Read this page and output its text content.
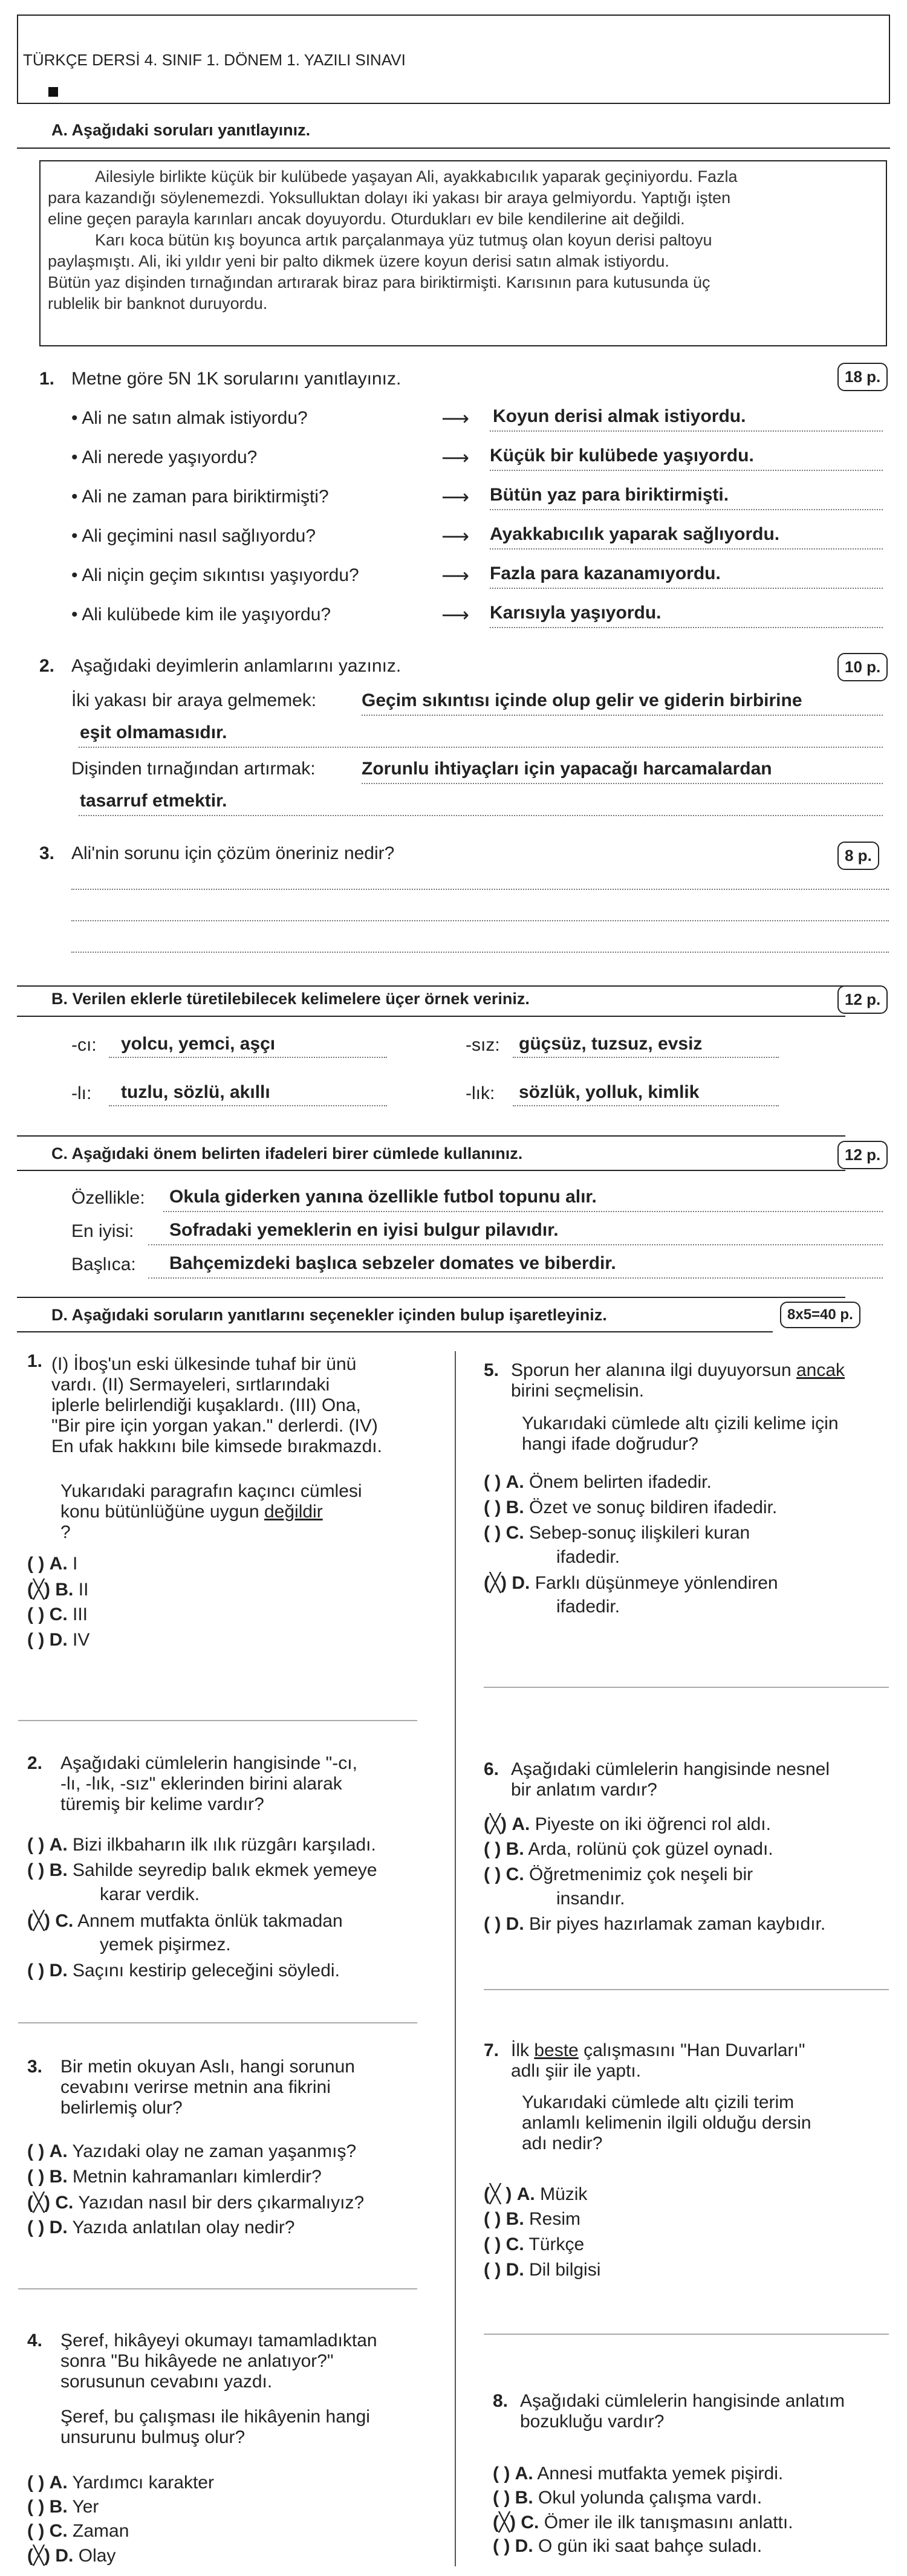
TÜRKÇE DERSİ 4. SINIF 1. DÖNEM 1. YAZILI SINAVI
A. Aşağıdaki soruları yanıtlayınız.
Ailesiyle birlikte küçük bir kulübede yaşayan Ali, ayakkabıcılık yaparak geçiniyordu. Fazla
para kazandığı söylenemezdi. Yoksulluktan dolayı iki yakası bir araya gelmiyordu. Yaptığı işten
eline geçen parayla karınları ancak doyuyordu. Oturdukları ev bile kendilerine ait değildi.
Karı koca bütün kış boyunca artık parçalanmaya yüz tutmuş olan koyun derisi paltoyu
paylaşmıştı. Ali, iki yıldır yeni bir palto dikmek üzere koyun derisi satın almak istiyordu.
Bütün yaz dişinden tırnağından artırarak biraz para biriktirmişti. Karısının para kutusunda üç
rublelik bir banknot duruyordu.
1. Metne göre 5N 1K sorularını yanıtlayınız.	18 p.
• Ali ne satın almak istiyordu?	⟶ Koyun derisi almak istiyordu.
• Ali nerede yaşıyordu?	⟶ Küçük bir kulübede yaşıyordu.
• Ali ne zaman para biriktirmişti?	⟶ Bütün yaz para biriktirmişti.
• Ali geçimini nasıl sağlıyordu?	⟶ Ayakkabıcılık yaparak sağlıyordu.
• Ali niçin geçim sıkıntısı yaşıyordu?	⟶ Fazla para kazanamıyordu.
• Ali kulübede kim ile yaşıyordu?	⟶ Karısıyla yaşıyordu.
2. Aşağıdaki deyimlerin anlamlarını yazınız.	10 p.
İki yakası bir araya gelmemek: Geçim sıkıntısı içinde olup gelir ve giderin birbirine
eşit olmamasıdır.
Dişinden tırnağından artırmak:	Zorunlu ihtiyaçları için yapacağı harcamalardan
tasarruf etmektir.
3. Ali'nin sorunu için çözüm öneriniz nedir?	8 p.
B. Verilen eklerle türetilebilecek kelimelere üçer örnek veriniz.	12 p.
-cı: yolcu, yemci, aşçı	-sız: güçsüz, tuzsuz, evsiz
-lı: tuzlu, sözlü, akıllı	-lık: sözlük, yolluk, kimlik
C. Aşağıdaki önem belirten ifadeleri birer cümlede kullanınız.	12 p.
Özellikle: Okula giderken yanına özellikle futbol topunu alır.
En iyisi: Sofradaki yemeklerin en iyisi bulgur pilavıdır.
Başlıca: Bahçemizdeki başlıca sebzeler domates ve biberdir.
D. Aşağıdaki soruların yanıtlarını seçenekler içinden bulup işaretleyiniz.	8x5=40 p.
1. (I) İboş'un eski ülkesinde tuhaf bir ünü
vardı. (II) Sermayeleri, sırtlarındaki
iplerle belirlendiği kuşaklardı. (III) Ona,
"Bir pire için yorgan yakan." derlerdi. (IV)
En ufak hakkını bile kimsede bırakmazdı.
Yukarıdaki paragrafın kaçıncı cümlesi
konu bütünlüğüne uygun değildir
?
( ) A. I
(╳) B. II
( ) C. III
( ) D. IV
2. Aşağıdaki cümlelerin hangisinde "-cı,
-lı, -lık, -sız" eklerinden birini alarak
türemiş bir kelime vardır?
( ) A. Bizi ilkbaharın ilk ılık rüzgârı karşıladı.
( ) B. Sahilde seyredip balık ekmek yemeye
karar verdik.
(╳) C. Annem mutfakta önlük takmadan
yemek pişirmez.
( ) D. Saçını kestirip geleceğini söyledi.
3. Bir metin okuyan Aslı, hangi sorunun
cevabını verirse metnin ana fikrini
belirlemiş olur?
( ) A. Yazıdaki olay ne zaman yaşanmış?
( ) B. Metnin kahramanları kimlerdir?
(╳) C. Yazıdan nasıl bir ders çıkarmalıyız?
( ) D. Yazıda anlatılan olay nedir?
4. Şeref, hikâyeyi okumayı tamamladıktan
sonra "Bu hikâyede ne anlatıyor?"
sorusunun cevabını yazdı.
Şeref, bu çalışması ile hikâyenin hangi
unsurunu bulmuş olur?
( ) A. Yardımcı karakter
( ) B. Yer
( ) C. Zaman
(╳) D. Olay
5. Sporun her alanına ilgi duyuyorsun ancak
birini seçmelisin.
Yukarıdaki cümlede altı çizili kelime için
hangi ifade doğrudur?
( ) A. Önem belirten ifadedir.
( ) B. Özet ve sonuç bildiren ifadedir.
( ) C. Sebep-sonuç ilişkileri kuran
ifadedir.
(╳) D. Farklı düşünmeye yönlendiren
ifadedir.
6. Aşağıdaki cümlelerin hangisinde nesnel
bir anlatım vardır?
(╳) A. Piyeste on iki öğrenci rol aldı.
( ) B. Arda, rolünü çok güzel oynadı.
( ) C. Öğretmenimiz çok neşeli bir
insandır.
( ) D. Bir piyes hazırlamak zaman kaybıdır.
7. İlk beste çalışmasını "Han Duvarları"
adlı şiir ile yaptı.
Yukarıdaki cümlede altı çizili terim
anlamlı kelimenin ilgili olduğu dersin
adı nedir?
(╳ ) A. Müzik
( ) B. Resim
( ) C. Türkçe
( ) D. Dil bilgisi
8. Aşağıdaki cümlelerin hangisinde anlatım
bozukluğu vardır?
( ) A. Annesi mutfakta yemek pişirdi.
( ) B. Okul yolunda çalışma vardı.
(╳) C. Ömer ile ilk tanışmasını anlattı.
( ) D. O gün iki saat bahçe suladı.
